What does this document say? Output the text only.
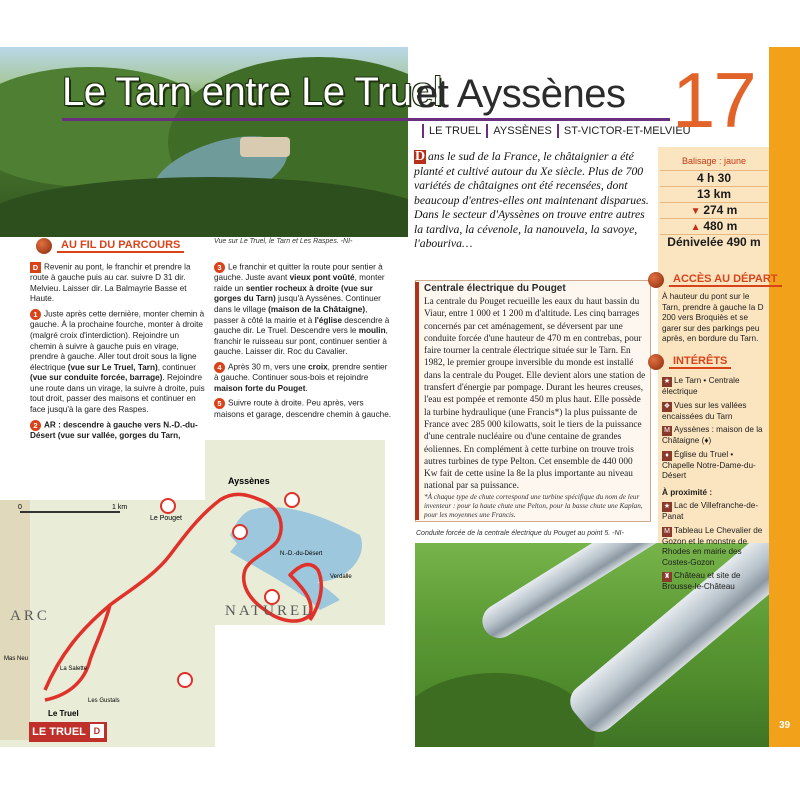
Le Tarn entre Le Truel
et Ayssènes
LE TRUEL AYSSÈNES ST-VICTOR-ET-MELVIEU
17
39
AU FIL DU PARCOURS	Vue sur Le Truel, le Tarn et Les Raspes. -NI-

D Revenir au pont, le franchir et prendre la route à gauche puis au car. suivre D 31 dir. Melvieu. Laisser dir. La Balmayrie Basse et Haute.

1 Juste après cette dernière, monter chemin à gauche. À la prochaine fourche, monter à droite (malgré croix d'interdiction). Rejoindre un chemin à suivre à gauche puis en virage, prendre à gauche. Aller tout droit sous la ligne électrique (vue sur Le Truel, Tarn), continuer (vue sur conduite forcée, barrage). Rejoindre une route dans un virage, la suivre à droite, puis tout droit, passer des maisons et continuer en face jusqu'à la gare des Raspes.

2 AR : descendre à gauche vers N.-D.-du-Désert (vue sur vallée, gorges du Tarn,

3 Le franchir et quitter la route pour sentier à gauche. Juste avant vieux pont voûté, monter raide un sentier rocheux à droite (vue sur gorges du Tarn) jusqu'à Ayssènes. Continuer dans le village (maison de la Châtaigne), passer à côté la mairie et à l'église descendre à gauche dir. Le Truel. Descendre vers le moulin, franchir le ruisseau sur pont, continuer sentier à gauche. Laisser dir. Roc du Cavalier.

4 Après 30 m, vers une croix, prendre sentier à gauche. Continuer sous-bois et rejoindre maison forte du Pouget.

5 Suivre route à droite. Peu après, vers maisons et garage, descendre chemin à gauche.

0	1 km
Ayssènes
Le Pouget
N.-D.-du-Désert
Verdalle
La Salette
Le Truel
Les Gustals
NATUREL
ARC
Mas Neu
LE TRUEL D
D ans le sud de la France, le châtaignier a été planté et cultivé autour du Xe siècle. Plus de 700 variétés de châtaignes ont été recensées, dont beaucoup d'entres-elles ont maintenant disparues. Dans le secteur d'Ayssènes on trouve entre autres la tardiva, la cévenole, la nanouvela, la savoye, l'abouriva…
Centrale électrique du Pouget
La centrale du Pouget recueille les eaux du haut bassin du Viaur, entre 1 000 et 1 200 m d'altitude. Les cinq barrages concernés par cet aménagement, se déversent par une conduite forcée d'une hauteur de 470 m en contrebas, pour faire tourner la centrale électrique située sur le Tarn. En 1982, le premier groupe inversible du monde est installé dans la centrale du Pouget. Elle devient alors une station de transfert d'énergie par pompage. Durant les heures creuses, l'eau est pompée et remonte 450 m plus haut. Elle possède la turbine hydraulique (une Francis*) la plus puissante de France avec 285 000 kilowatts, soit le tiers de la puissance d'une centrale nucléaire ou d'une centaine de grandes éoliennes. En complément à cette turbine on trouve trois autres turbines de type Pelton. Cet ensemble de 440 000 Kw fait de cette usine la 8e la plus importante au niveau national par sa puissance.
*À chaque type de chute correspond une turbine spécifique du nom de leur inventeur : pour la haute chute une Pelton, pour la basse chute une Kaplan, pour les moyennes une Francis.
Conduite forcée de la centrale électrique du Pouget au point 5. -NI-
Balisage : jaune
4 h 30
13 km
▼ 274 m
▲ 480 m
Dénivelée 490 m
ACCÈS AU DÉPART
À hauteur du pont sur le Tarn, prendre à gauche la D 200 vers Broquiès et se garer sur des parkings peu après, en bordure du Tarn.
INTÉRÊTS
★ Le Tarn • Centrale électrique
❖ Vues sur les vallées encaissées du Tarn
M Ayssènes : maison de la Châtaigne (♦)
♦ Église du Truel • Chapelle Notre-Dame-du-Désert
À proximité :
★ Lac de Villefranche-de-Panat
M Tableau Le Chevalier de Gozon et le monstre de Rhodes en mairie des Costes-Gozon
♜ Château et site de Brousse-le-Château
